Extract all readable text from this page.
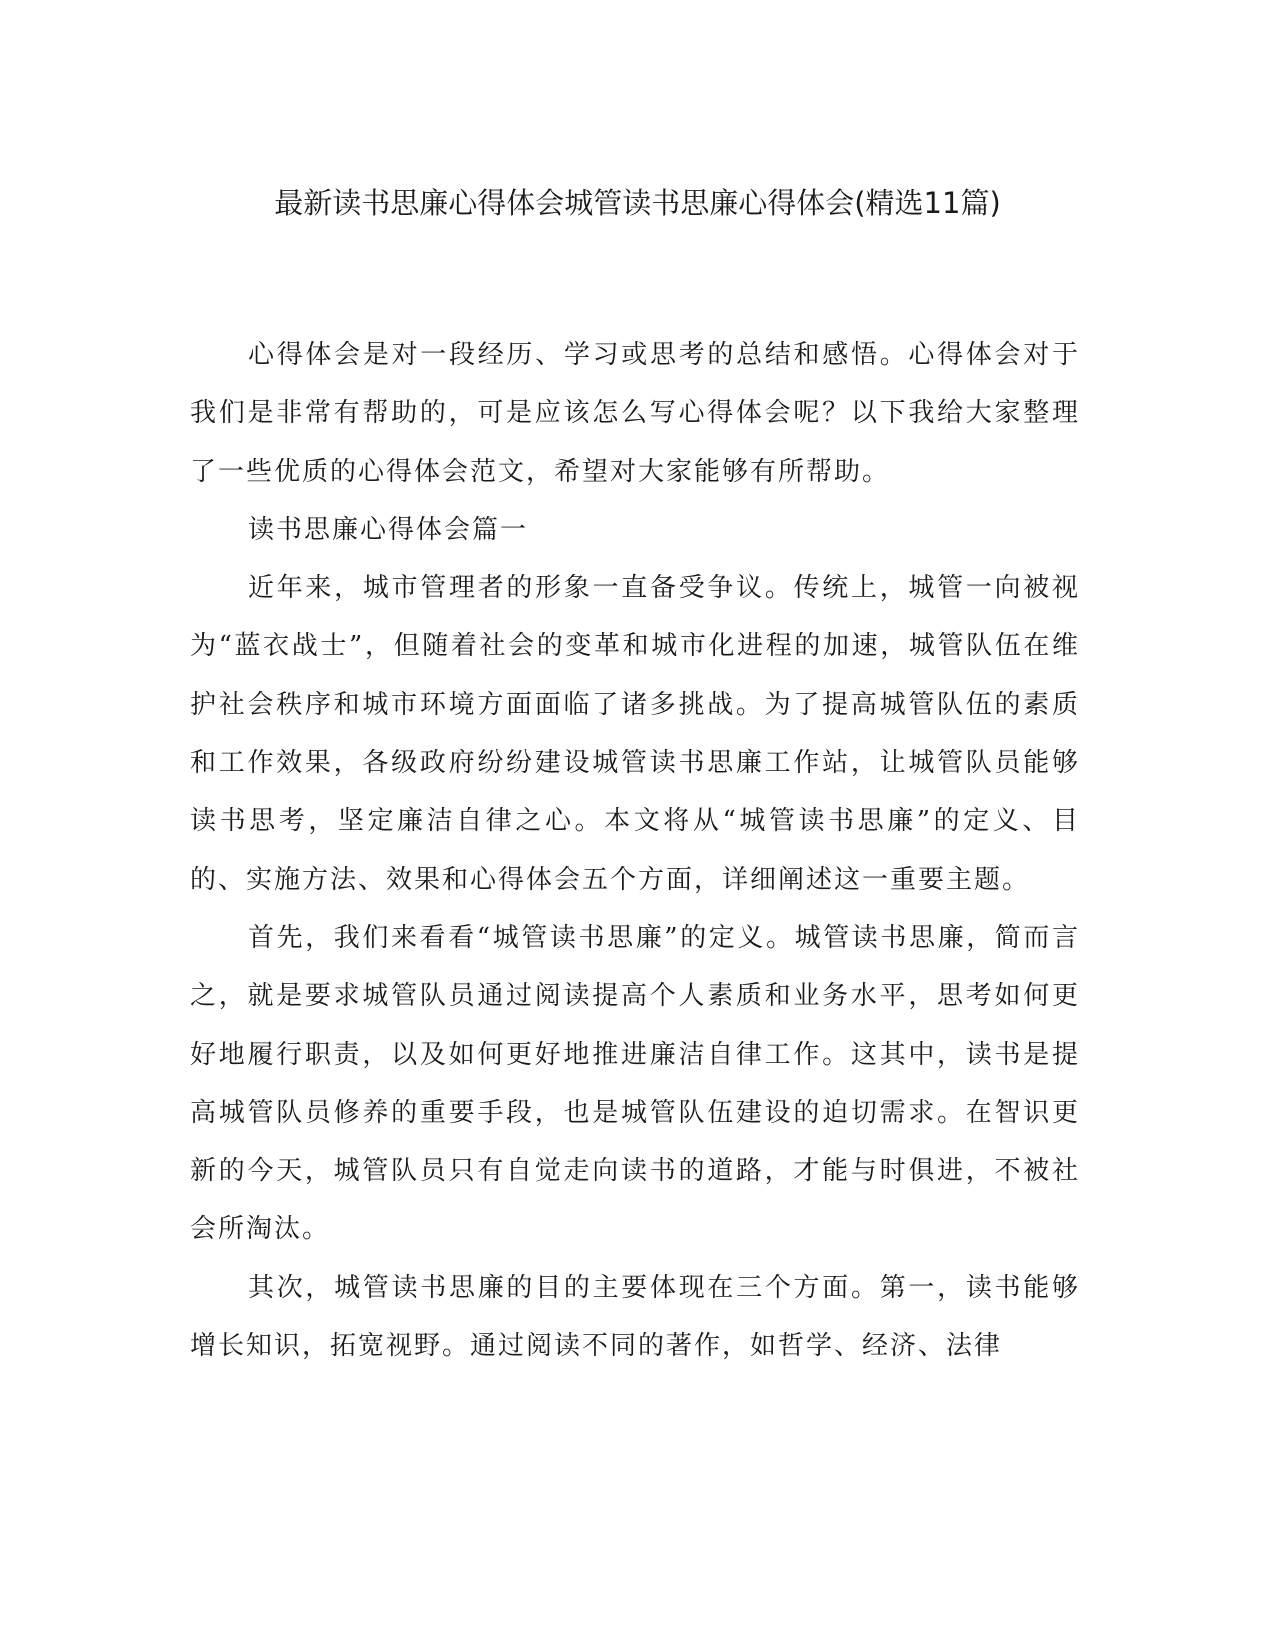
最新读书思廉心得体会城管读书思廉心得体会(精选11篇)

心得体会是对一段经历、学习或思考的总结和感悟。心得体会对于我们是非常有帮助的，可是应该怎么写心得体会呢？以下我给大家整理了一些优质的心得体会范文，希望对大家能够有所帮助。

读书思廉心得体会篇一

近年来，城市管理者的形象一直备受争议。传统上，城管一向被视为“蓝衣战士”，但随着社会的变革和城市化进程的加速，城管队伍在维护社会秩序和城市环境方面面临了诸多挑战。为了提高城管队伍的素质和工作效果，各级政府纷纷建设城管读书思廉工作站，让城管队员能够读书思考，坚定廉洁自律之心。本文将从“城管读书思廉”的定义、目的、实施方法、效果和心得体会五个方面，详细阐述这一重要主题。

首先，我们来看看“城管读书思廉”的定义。城管读书思廉，简而言之，就是要求城管队员通过阅读提高个人素质和业务水平，思考如何更好地履行职责，以及如何更好地推进廉洁自律工作。这其中，读书是提高城管队员修养的重要手段，也是城管队伍建设的迫切需求。在智识更新的今天，城管队员只有自觉走向读书的道路，才能与时俱进，不被社会所淘汰。

其次，城管读书思廉的目的主要体现在三个方面。第一，读书能够增长知识，拓宽视野。通过阅读不同的著作，如哲学、经济、法律
